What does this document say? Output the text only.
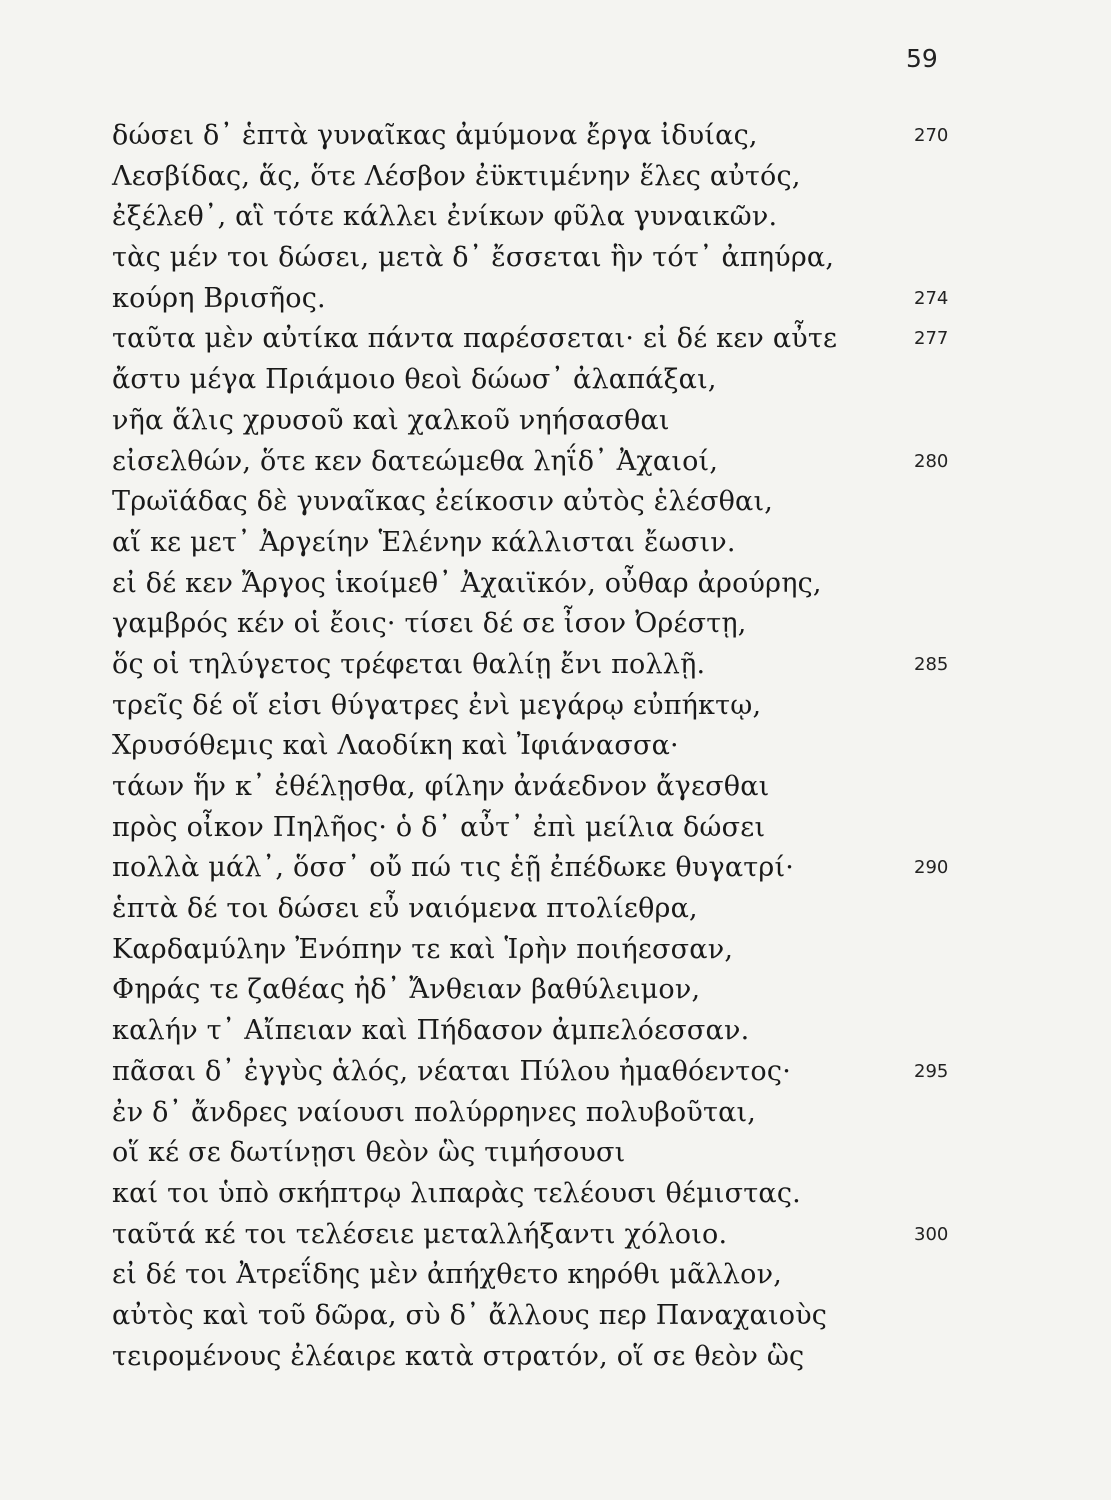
59
δώσει δ᾽ ἑπτὰ γυναῖκας ἀμύμονα ἔργα ἰδυίας,	270
Λεσβίδας, ἅς, ὅτε Λέσβον ἐϋκτιμένην ἕλες αὐτός,
ἐξέλεθ᾽, αἳ τότε κάλλει ἐνίκων φῦλα γυναικῶν.
τὰς μέν τοι δώσει, μετὰ δ᾽ ἔσσεται ἣν τότ᾽ ἀπηύρα,
κούρη Βρισῆος.	274
ταῦτα μὲν αὐτίκα πάντα παρέσσεται· εἰ δέ κεν αὖτε	277
ἄστυ μέγα Πριάμοιο θεοὶ δώωσ᾽ ἀλαπάξαι,
νῆα ἅλις χρυσοῦ καὶ χαλκοῦ νηήσασθαι
εἰσελθών, ὅτε κεν δατεώμεθα ληΐδ᾽ Ἀχαιοί,	280
Τρωϊάδας δὲ γυναῖκας ἐείκοσιν αὐτὸς ἑλέσθαι,
αἵ κε μετ᾽ Ἀργείην Ἑλένην κάλλισται ἔωσιν.
εἰ δέ κεν Ἄργος ἱκοίμεθ᾽ Ἀχαιϊκόν, οὖθαρ ἀρούρης,
γαμβρός κέν οἱ ἔοις· τίσει δέ σε ἶσον Ὀρέστῃ,
ὅς οἱ τηλύγετος τρέφεται θαλίῃ ἔνι πολλῇ.	285
τρεῖς δέ οἵ εἰσι θύγατρες ἐνὶ μεγάρῳ εὐπήκτῳ,
Χρυσόθεμις καὶ Λαοδίκη καὶ Ἰφιάνασσα·
τάων ἥν κ᾽ ἐθέλῃσθα, φίλην ἀνάεδνον ἄγεσθαι
πρὸς οἶκον Πηλῆος· ὁ δ᾽ αὖτ᾽ ἐπὶ μείλια δώσει
πολλὰ μάλ᾽, ὅσσ᾽ οὔ πώ τις ἑῇ ἐπέδωκε θυγατρί·	290
ἑπτὰ δέ τοι δώσει εὖ ναιόμενα πτολίεθρα,
Καρδαμύλην Ἐνόπην τε καὶ Ἱρὴν ποιήεσσαν,
Φηράς τε ζαθέας ἠδ᾽ Ἄνθειαν βαθύλειμον,
καλήν τ᾽ Αἴπειαν καὶ Πήδασον ἀμπελόεσσαν.
πᾶσαι δ᾽ ἐγγὺς ἁλός, νέαται Πύλου ἠμαθόεντος·	295
ἐν δ᾽ ἄνδρες ναίουσι πολύρρηνες πολυβοῦται,
οἵ κέ σε δωτίνῃσι θεὸν ὣς τιμήσουσι
καί τοι ὑπὸ σκήπτρῳ λιπαρὰς τελέουσι θέμιστας.
ταῦτά κέ τοι τελέσειε μεταλλήξαντι χόλοιο.	300
εἰ δέ τοι Ἀτρεΐδης μὲν ἀπήχθετο κηρόθι μᾶλλον,
αὐτὸς καὶ τοῦ δῶρα, σὺ δ᾽ ἄλλους περ Παναχαιοὺς
τειρομένους ἐλέαιρε κατὰ στρατόν, οἵ σε θεὸν ὣς
